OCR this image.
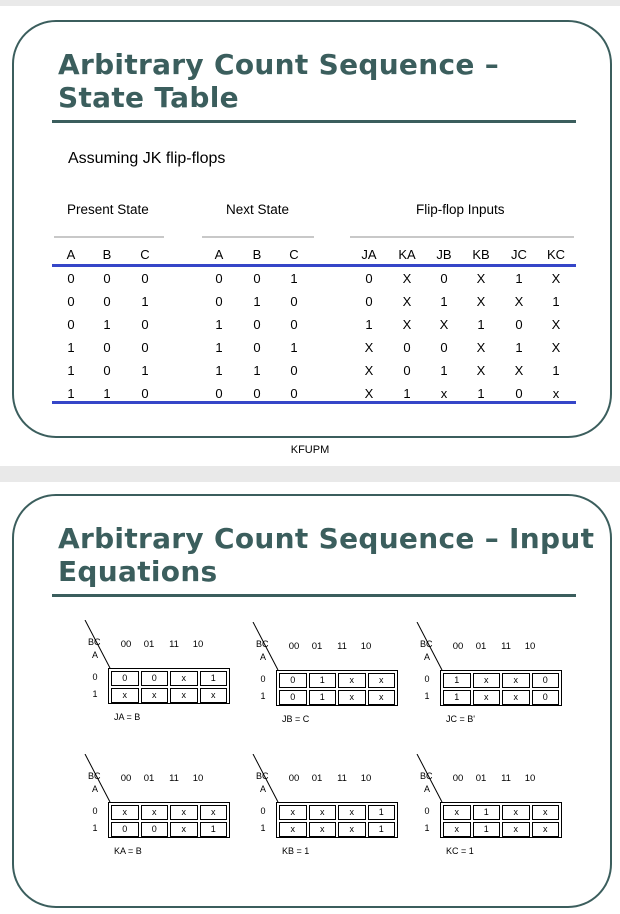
Arbitrary Count Sequence –
State Table
Assuming JK flip-flops
Present State	Next State	Flip-flop Inputs
A	B	C	A	B	C	JA	KA	JB	KB	JC	KC
0	0	0	0	0	1	0	X	0	X	1	X
0	0	1	0	1	0	0	X	1	X	X	1
0	1	0	1	0	0	1	X	X	1	0	X
1	0	0	1	0	1	X	0	0	X	1	X
1	0	1	1	1	0	X	0	1	X	X	1
1	1	0	0	0	0	X	1	x	1	0	x
KFUPM
Arbitrary Count Sequence – Input
Equations
BC
A
00	01	11	10
0
1
0	0	x	1
x	x	x	x
JA = B
BC
A
00	01	11	10
0
1
0	1	x	x
0	1	x	x
JB = C
BC
A
00	01	11	10
0
1
1	x	x	0
1	x	x	0
JC = B'
BC
A
00	01	11	10
0
1
x	x	x	x
0	0	x	1
KA = B
BC
A
00	01	11	10
0
1
x	x	x	1
x	x	x	1
KB = 1
BC
A
00	01	11	10
0
1
x	1	x	x
x	1	x	x
KC = 1
